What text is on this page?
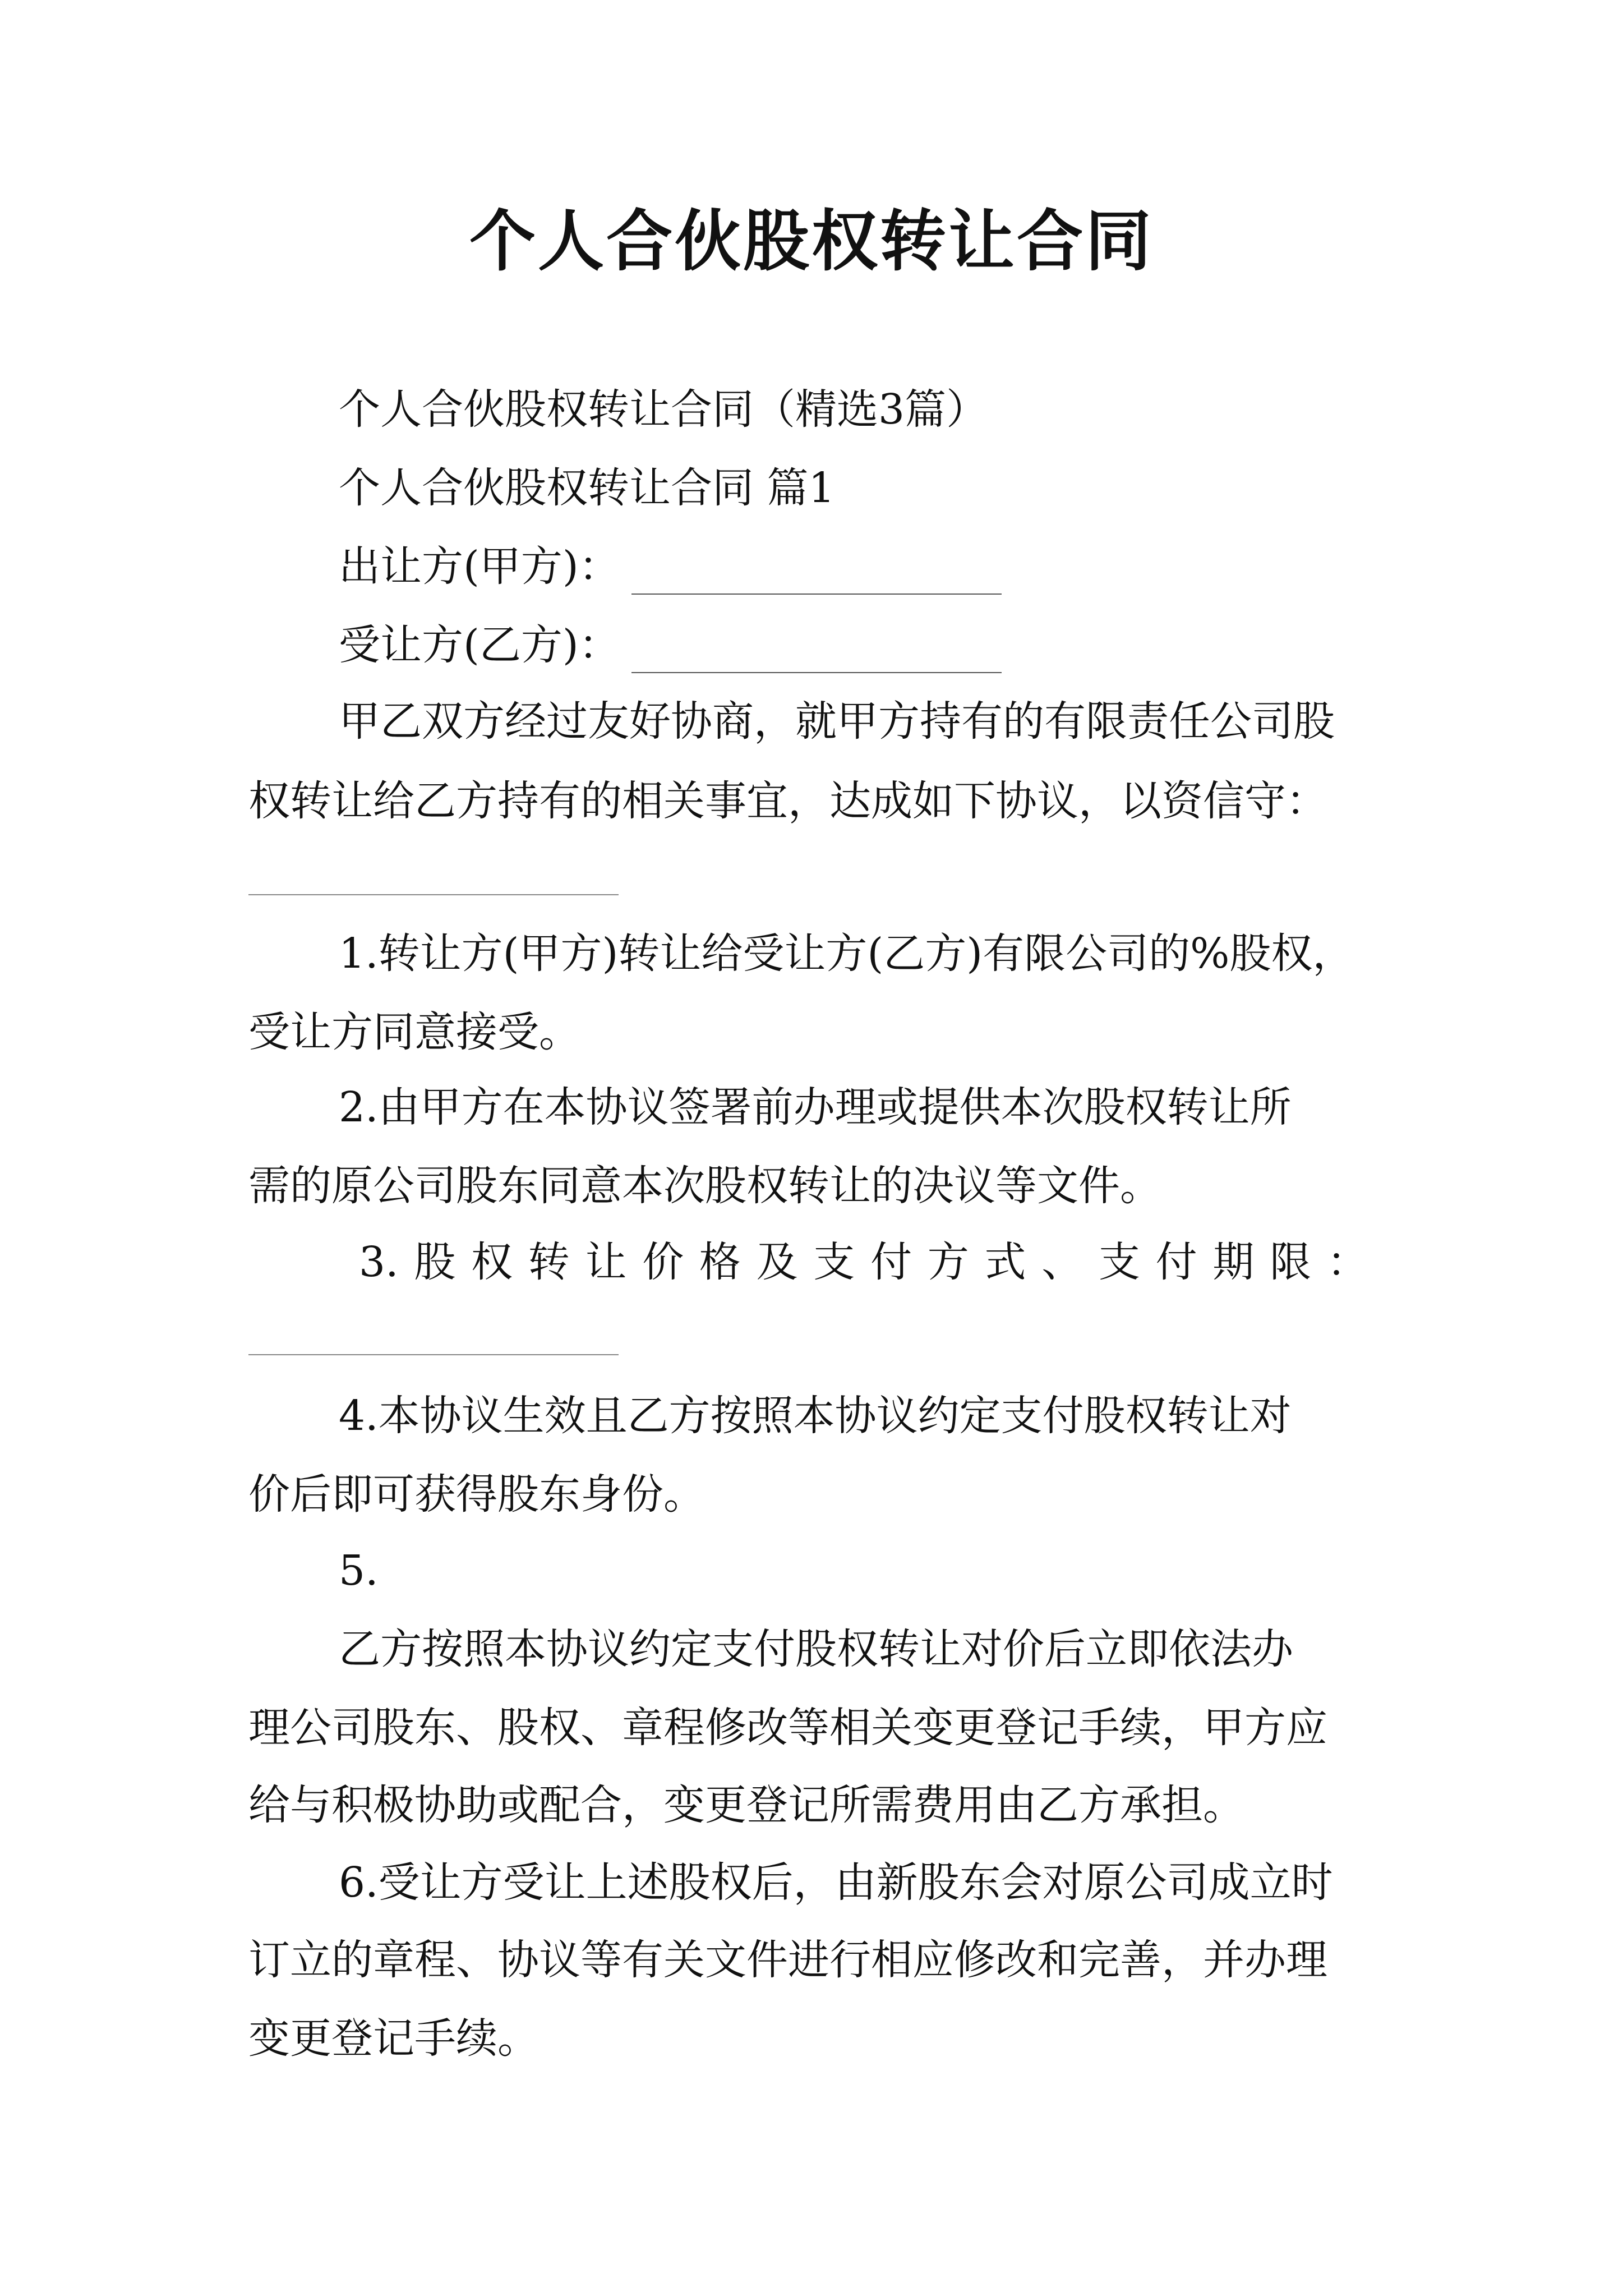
个人合伙股权转让合同
个人合伙股权转让合同（精选3篇）
个人合伙股权转让合同 篇1
出让方(甲方)：
受让方(乙方)：
甲乙双方经过友好协商，就甲方持有的有限责任公司股
权转让给乙方持有的相关事宜，达成如下协议，以资信守：
1.转让方(甲方)转让给受让方(乙方)有限公司的%股权，
受让方同意接受。
2.由甲方在本协议签署前办理或提供本次股权转让所
需的原公司股东同意本次股权转让的决议等文件。
3. 股 权 转 让 价 格 及 支 付 方 式 、 支 付 期 限 ：
4.本协议生效且乙方按照本协议约定支付股权转让对
价后即可获得股东身份。
5.
乙方按照本协议约定支付股权转让对价后立即依法办
理公司股东、股权、章程修改等相关变更登记手续，甲方应
给与积极协助或配合，变更登记所需费用由乙方承担。
6.受让方受让上述股权后，由新股东会对原公司成立时
订立的章程、协议等有关文件进行相应修改和完善，并办理
变更登记手续。
